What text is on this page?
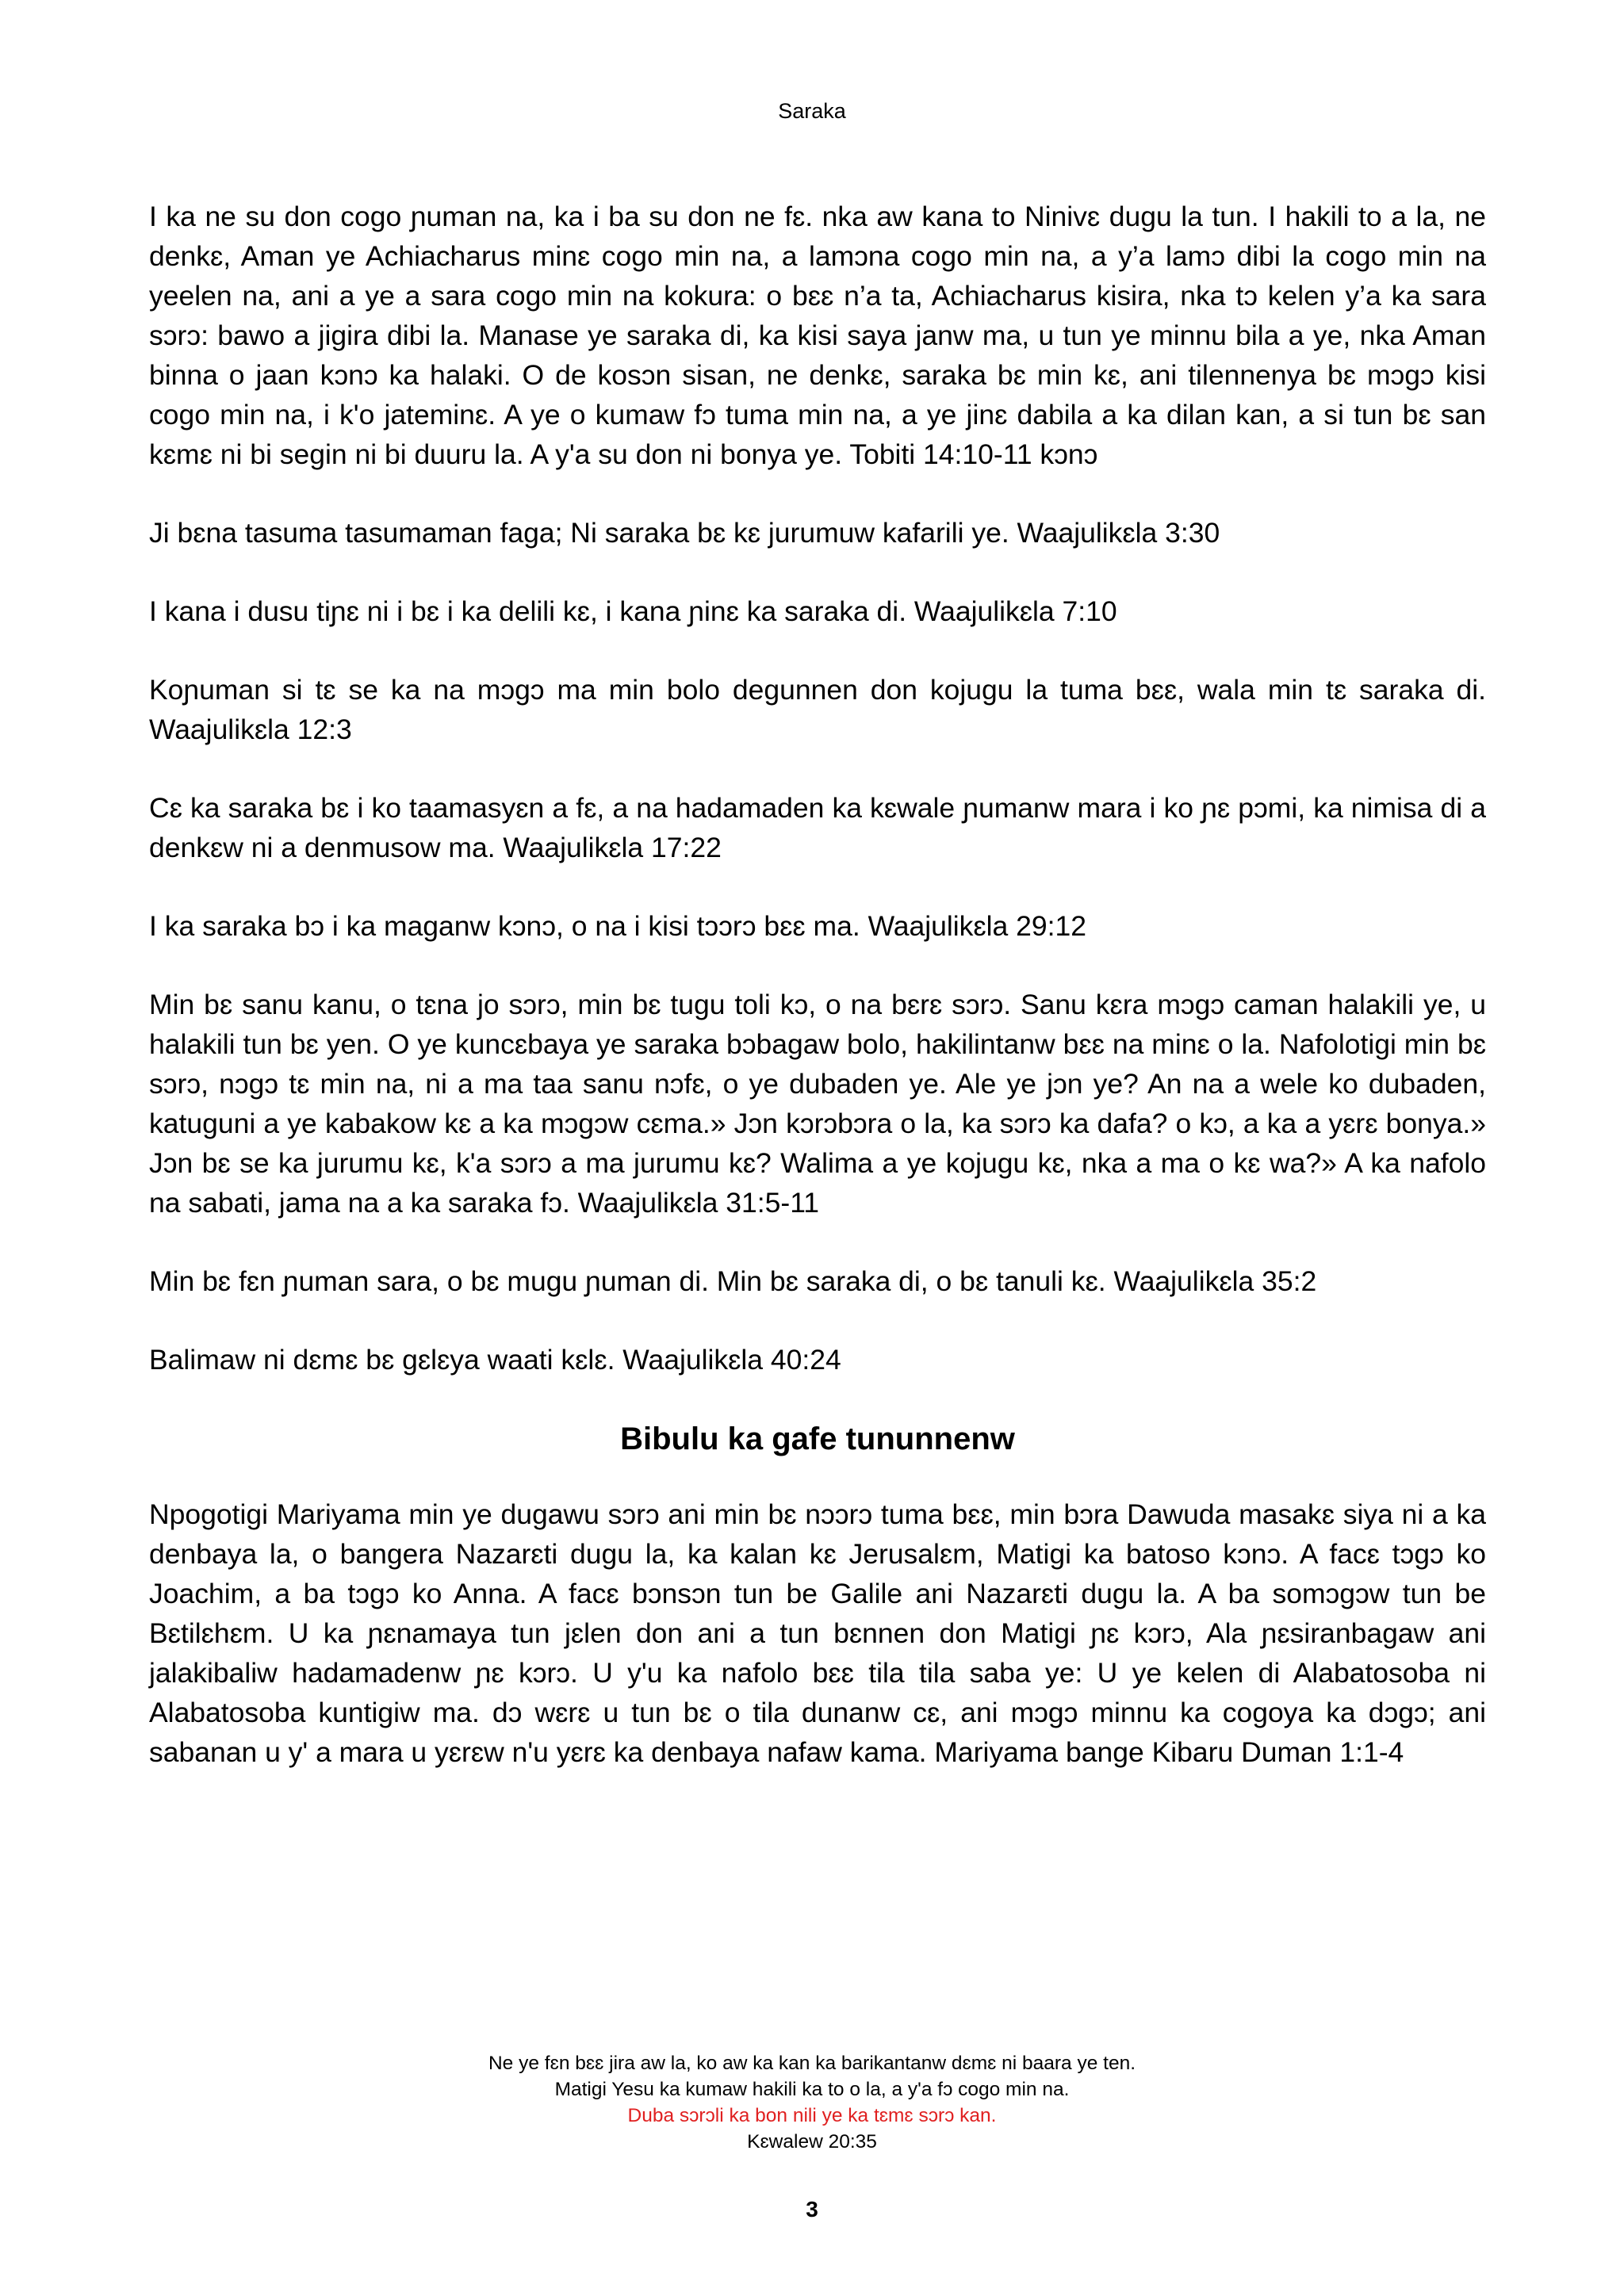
Saraka

I ka ne su don cogo ɲuman na, ka i ba su don ne fɛ. nka aw kana to Ninivɛ dugu la tun. I hakili to a la, ne denkɛ, Aman ye Achiacharus minɛ cogo min na, a lamɔna cogo min na, a y’a lamɔ dibi la cogo min na yeelen na, ani a ye a sara cogo min na kokura: o bɛɛ n’a ta, Achiacharus kisira, nka tɔ kelen y’a ka sara sɔrɔ: bawo a jigira dibi la. Manase ye saraka di, ka kisi saya janw ma, u tun ye minnu bila a ye, nka Aman binna o jaan kɔnɔ ka halaki. O de kosɔn sisan, ne denkɛ, saraka bɛ min kɛ, ani tilennenya bɛ mɔgɔ kisi cogo min na, i k'o jateminɛ. A ye o kumaw fɔ tuma min na, a ye jinɛ dabila a ka dilan kan, a si tun bɛ san kɛmɛ ni bi segin ni bi duuru la. A y'a su don ni bonya ye. Tobiti 14:10-11 kɔnɔ

Ji bɛna tasuma tasumaman faga; Ni saraka bɛ kɛ jurumuw kafarili ye. Waajulikɛla 3:30

I kana i dusu tiɲɛ ni i bɛ i ka delili kɛ, i kana ɲinɛ ka saraka di. Waajulikɛla 7:10

Koɲuman si tɛ se ka na mɔgɔ ma min bolo degunnen don kojugu la tuma bɛɛ, wala min tɛ saraka di. Waajulikɛla 12:3

Cɛ ka saraka bɛ i ko taamasyɛn a fɛ, a na hadamaden ka kɛwale ɲumanw mara i ko ɲɛ pɔmi, ka nimisa di a denkɛw ni a denmusow ma. Waajulikɛla 17:22

I ka saraka bɔ i ka maganw kɔnɔ, o na i kisi tɔɔrɔ bɛɛ ma. Waajulikɛla 29:12

Min bɛ sanu kanu, o tɛna jo sɔrɔ, min bɛ tugu toli kɔ, o na bɛrɛ sɔrɔ. Sanu kɛra mɔgɔ caman halakili ye, u halakili tun bɛ yen. O ye kuncɛbaya ye saraka bɔbagaw bolo, hakilintanw bɛɛ na minɛ o la. Nafolotigi min bɛ sɔrɔ, nɔgɔ tɛ min na, ni a ma taa sanu nɔfɛ, o ye dubaden ye. Ale ye jɔn ye? An na a wele ko dubaden, katuguni a ye kabakow kɛ a ka mɔgɔw cɛma.» Jɔn kɔrɔbɔra o la, ka sɔrɔ ka dafa? o kɔ, a ka a yɛrɛ bonya.» Jɔn bɛ se ka jurumu kɛ, k'a sɔrɔ a ma jurumu kɛ? Walima a ye kojugu kɛ, nka a ma o kɛ wa?» A ka nafolo na sabati, jama na a ka saraka fɔ. Waajulikɛla 31:5-11

Min bɛ fɛn ɲuman sara, o bɛ mugu ɲuman di. Min bɛ saraka di, o bɛ tanuli kɛ. Waajulikɛla 35:2

Balimaw ni dɛmɛ bɛ gɛlɛya waati kɛlɛ. Waajulikɛla 40:24

Bibulu ka gafe tununnenw

Npogotigi Mariyama min ye dugawu sɔrɔ ani min bɛ nɔɔrɔ tuma bɛɛ, min bɔra Dawuda masakɛ siya ni a ka denbaya la, o bangera Nazarɛti dugu la, ka kalan kɛ Jerusalɛm, Matigi ka batoso kɔnɔ. A facɛ tɔgɔ ko Joachim, a ba tɔgɔ ko Anna. A facɛ bɔnsɔn tun be Galile ani Nazarɛti dugu la. A ba somɔgɔw tun be Bɛtilɛhɛm. U ka ɲɛnamaya tun jɛlen don ani a tun bɛnnen don Matigi ɲɛ kɔrɔ, Ala ɲɛsiranbagaw ani jalakibaliw hadamadenw ɲɛ kɔrɔ. U y'u ka nafolo bɛɛ tila tila saba ye: U ye kelen di Alabatosoba ni Alabatosoba kuntigiw ma. dɔ wɛrɛ u tun bɛ o tila dunanw cɛ, ani mɔgɔ minnu ka cogoya ka dɔgɔ; ani sabanan u y' a mara u yɛrɛw n'u yɛrɛ ka denbaya nafaw kama. Mariyama bange Kibaru Duman 1:1-4

Ne ye fɛn bɛɛ jira aw la, ko aw ka kan ka barikantanw dɛmɛ ni baara ye ten.
Matigi Yesu ka kumaw hakili ka to o la, a y'a fɔ cogo min na.
Duba sɔrɔli ka bon nili ye ka tɛmɛ sɔrɔ kan.
Kɛwalew 20:35
3
